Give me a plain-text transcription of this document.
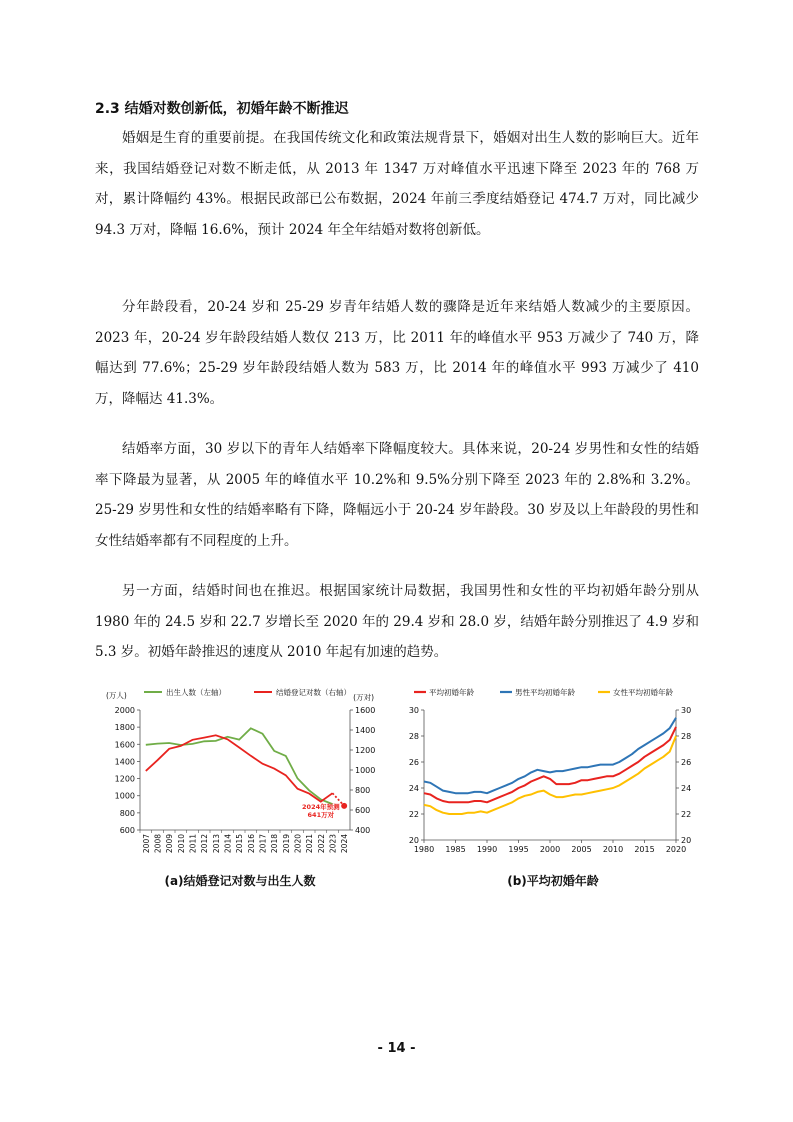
2.3 结婚对数创新低，初婚年龄不断推迟

婚姻是生育的重要前提。在我国传统文化和政策法规背景下，婚姻对出生人数的影响巨大。近年来，我国结婚登记对数不断走低，从 2013 年 1347 万对峰值水平迅速下降至 2023 年的 768 万对，累计降幅约 43%。根据民政部已公布数据，2024 年前三季度结婚登记 474.7 万对，同比减少 94.3 万对，降幅 16.6%，预计 2024 年全年结婚对数将创新低。

分年龄段看，20-24 岁和 25-29 岁青年结婚人数的骤降是近年来结婚人数减少的主要原因。2023 年，20-24 岁年龄段结婚人数仅 213 万，比 2011 年的峰值水平 953 万减少了 740 万，降幅达到 77.6%；25-29 岁年龄段结婚人数为 583 万，比 2014 年的峰值水平 993 万减少了 410 万，降幅达 41.3%。

结婚率方面，30 岁以下的青年人结婚率下降幅度较大。具体来说，20-24 岁男性和女性的结婚率下降最为显著，从 2005 年的峰值水平 10.2%和 9.5%分别下降至 2023 年的 2.8%和 3.2%。25-29 岁男性和女性的结婚率略有下降，降幅远小于 20-24 岁年龄段。30 岁及以上年龄段的男性和女性结婚率都有不同程度的上升。

另一方面，结婚时间也在推迟。根据国家统计局数据，我国男性和女性的平均初婚年龄分别从 1980 年的 24.5 岁和 22.7 岁增长至 2020 年的 29.4 岁和 28.0 岁，结婚年龄分别推迟了 4.9 岁和 5.3 岁。初婚年龄推迟的速度从 2010 年起有加速的趋势。

(万人)	(万对)
出生人数（左轴）	结婚登记对数（右轴）
600
800
1000
1200
1400
1600
1800
2000
400
600
800
1000
1200
1400
1600
2007 2008 2009 2010 2011 2012 2013 2014 2015 2016 2017 2018 2019 2020 2021 2022 2023 2024
2024年预测
641万对
(a)结婚登记对数与出生人数
平均初婚年龄	男性平均初婚年龄	女性平均初婚年龄
20	20
22	22
24	24
26	26
28	28
30	30
1980 1985 1990 1995 2000 2005 2010 2015 2020
(b)平均初婚年龄
- 14 -
